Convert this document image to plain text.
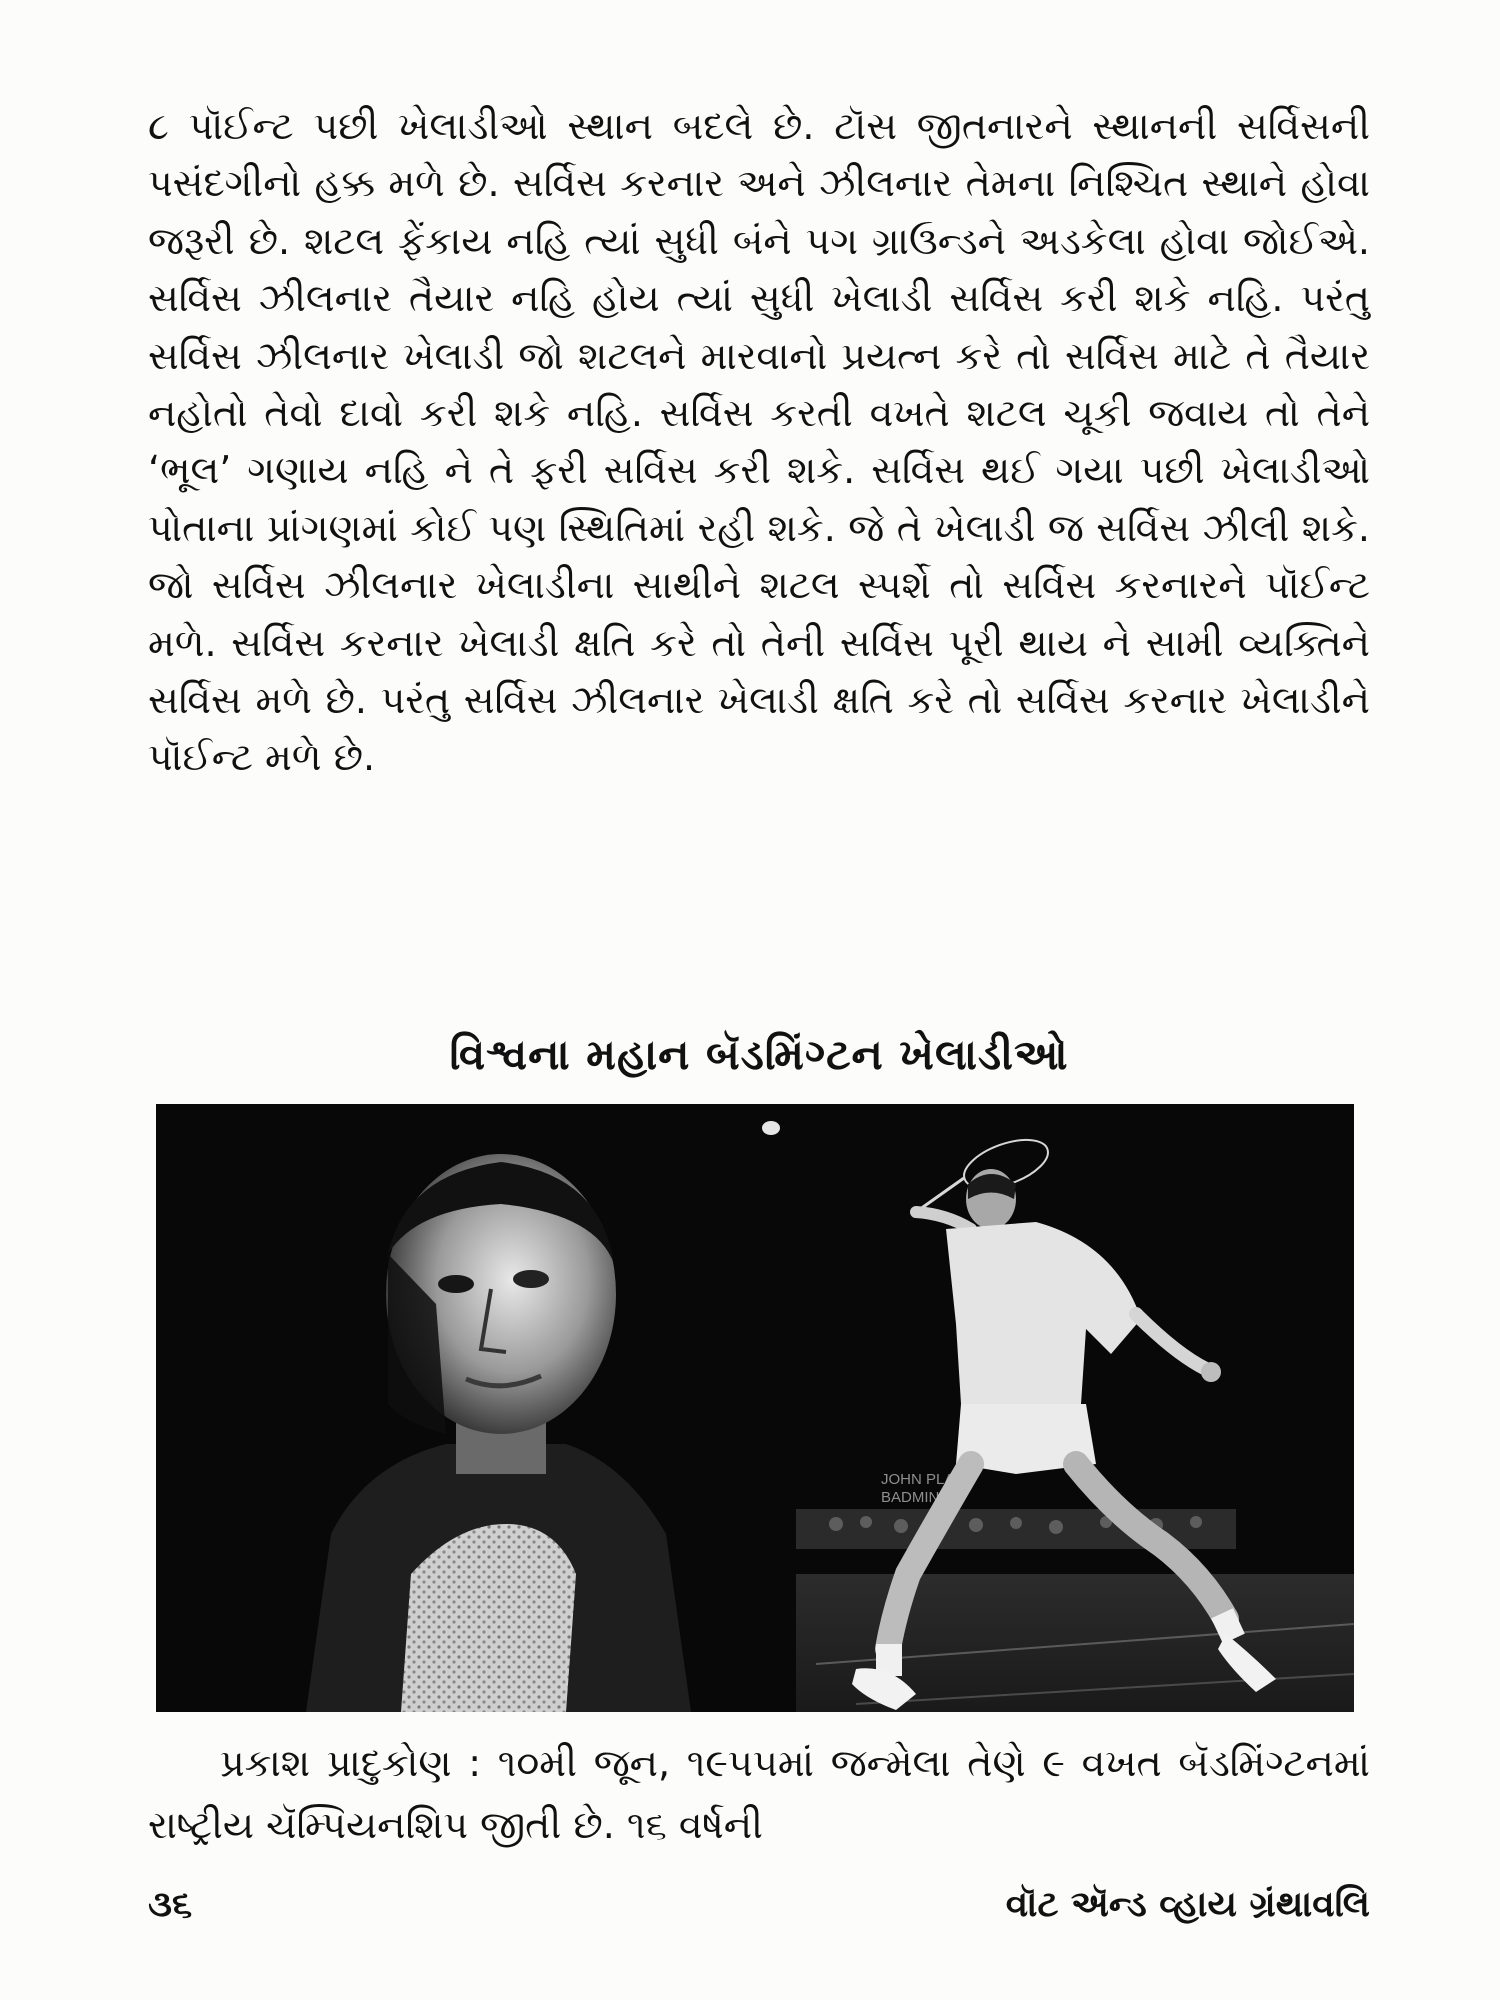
૮ પૉઈન્ટ પછી ખેલાડીઓ સ્થાન બદલે છે. ટૉસ જીતનારને સ્થાનની સર્વિસની પસંદગીનો હક્ક મળે છે. સર્વિસ કરનાર અને ઝીલનાર તેમના નિશ્ચિત સ્થાને હોવા જરૂરી છે. શટલ ફેંકાય નહિ ત્યાં સુધી બંને પગ ગ્રાઉન્ડને અડકેલા હોવા જોઈએ. સર્વિસ ઝીલનાર તૈયાર નહિ હોય ત્યાં સુધી ખેલાડી સર્વિસ કરી શકે નહિ. પરંતુ સર્વિસ ઝીલનાર ખેલાડી જો શટલને મારવાનો પ્રયત્ન કરે તો સર્વિસ માટે તે તૈયાર નહોતો તેવો દાવો કરી શકે નહિ. સર્વિસ કરતી વખતે શટલ ચૂકી જવાય તો તેને ‘ભૂલ’ ગણાય નહિ ને તે ફરી સર્વિસ કરી શકે. સર્વિસ થઈ ગયા પછી ખેલાડીઓ પોતાના પ્રાંગણમાં કોઈ પણ સ્થિતિમાં રહી શકે. જે તે ખેલાડી જ સર્વિસ ઝીલી શકે. જો સર્વિસ ઝીલનાર ખેલાડીના સાથીને શટલ સ્પર્શે તો સર્વિસ કરનારને પૉઈન્ટ મળે. સર્વિસ કરનાર ખેલાડી ક્ષતિ કરે તો તેની સર્વિસ પૂરી થાય ને સામી વ્યક્તિને સર્વિસ મળે છે. પરંતુ સર્વિસ ઝીલનાર ખેલાડી ક્ષતિ કરે તો સર્વિસ કરનાર ખેલાડીને પૉઈન્ટ મળે છે.

વિશ્વના મહાન બૅડમિંગ્ટન ખેલાડીઓ
JOHN PLA
BADMIN

પ્રકાશ પ્રાદુકોણ : ૧૦મી જૂન, ૧૯૫૫માં જન્મેલા તેણે ૯ વખત બૅડમિંગ્ટનમાં રાષ્ટ્રીય ચૅમ્પિયનશિપ જીતી છે. ૧૬ વર્ષની

૩૬	વૉટ ઍન્ડ વ્હાય ગ્રંથાવલિ
